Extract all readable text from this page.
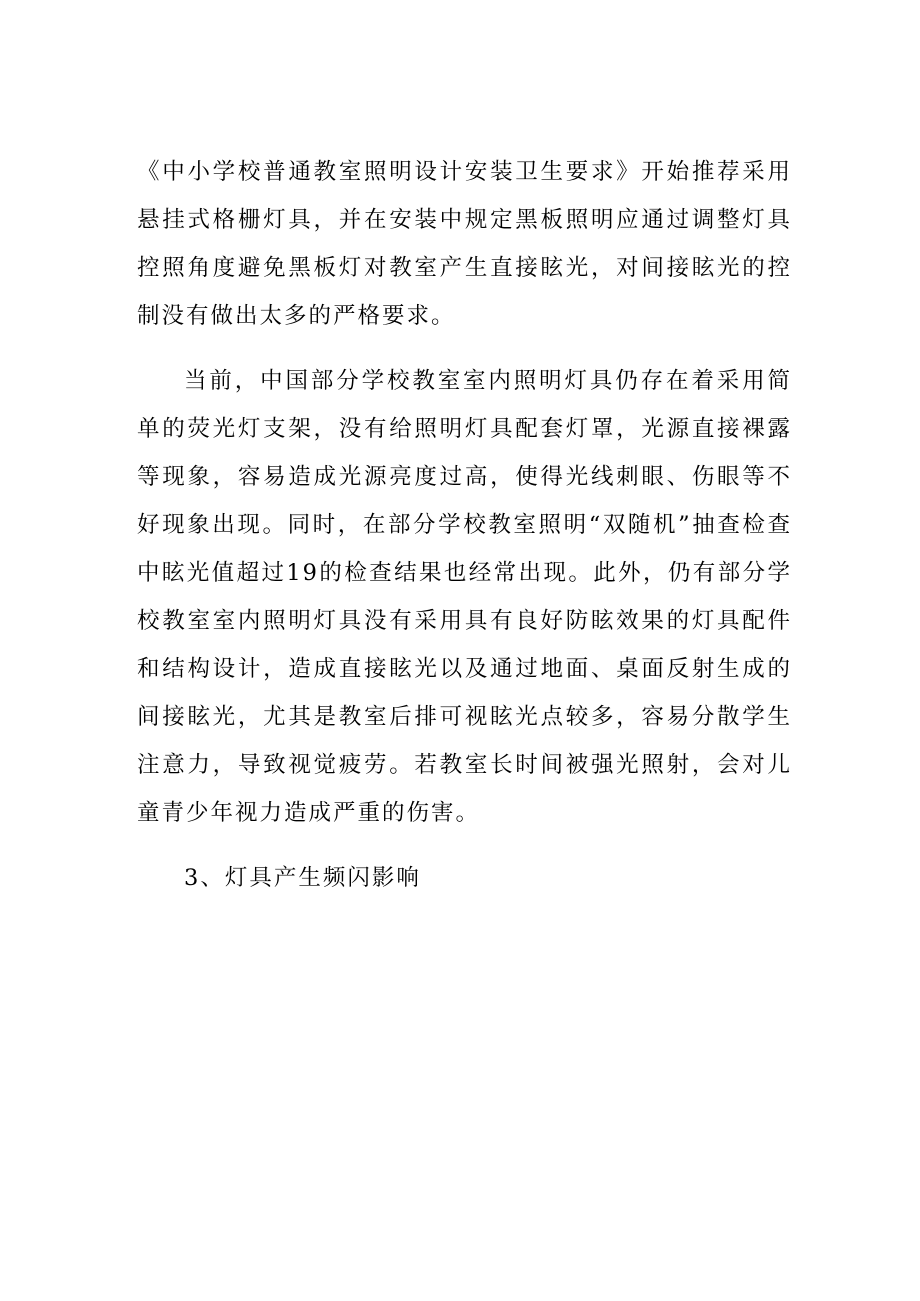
《中小学校普通教室照明设计安装卫生要求》开始推荐采用悬挂式格栅灯具，并在安装中规定黑板照明应通过调整灯具控照角度避免黑板灯对教室产生直接眩光，对间接眩光的控制没有做出太多的严格要求。

当前，中国部分学校教室室内照明灯具仍存在着采用简单的荧光灯支架，没有给照明灯具配套灯罩，光源直接裸露等现象，容易造成光源亮度过高，使得光线刺眼、伤眼等不好现象出现。同时，在部分学校教室照明“双随机”抽查检查中眩光值超过19的检查结果也经常出现。此外，仍有部分学校教室室内照明灯具没有采用具有良好防眩效果的灯具配件和结构设计，造成直接眩光以及通过地面、桌面反射生成的间接眩光，尤其是教室后排可视眩光点较多，容易分散学生注意力，导致视觉疲劳。若教室长时间被强光照射，会对儿童青少年视力造成严重的伤害。

3、灯具产生频闪影响
